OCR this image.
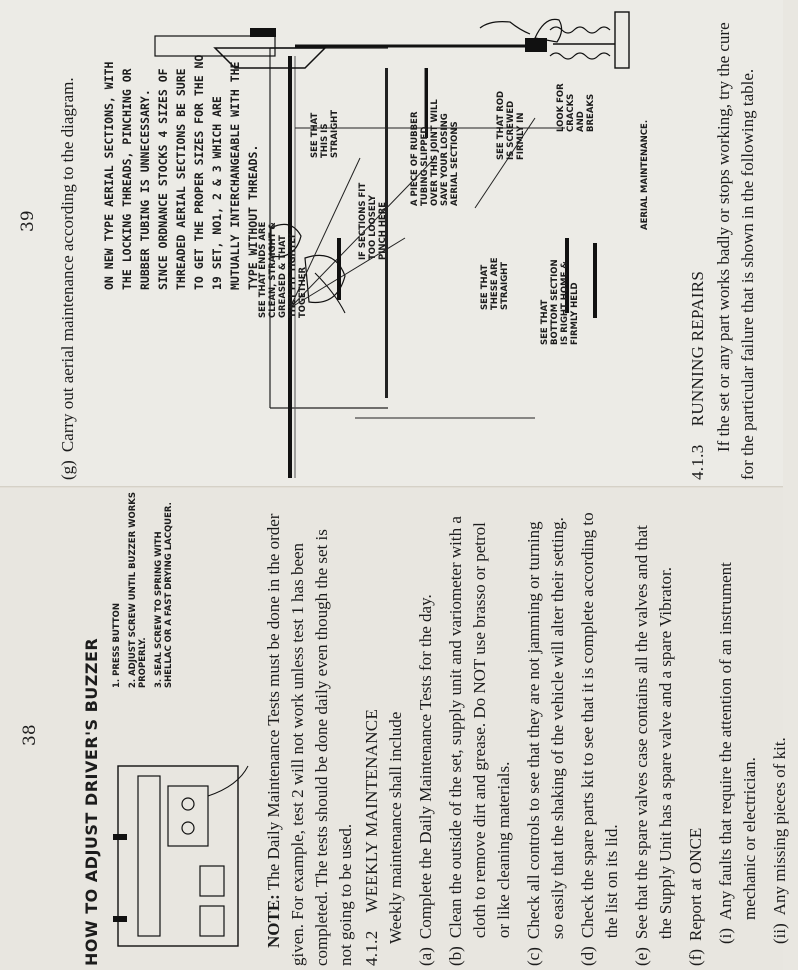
39
(g)
Carry out aerial maintenance according to the diagram. ON NEW TYPE AERIAL SECTIONS, WITH THE LOCKING THREADS, PINCHING OR RUBBER TUBING IS UNNECESSARY. SINCE ORDNANCE STOCKS 4 SIZES OF THREADED AERIAL SECTIONS BE SURE TO GET THE PROPER SIZES FOR THE NO 19 SET, NO1, 2 & 3 WHICH ARE MUTUALLY INTERCHANGEABLE WITH THE TYPE WITHOUT THREADS.

SEE THAT ENDS ARE CLEAN, STRAIGHT & GREASED & THAT THEY FIT TIGHTLY TOGETHER

IF SECTIONS FIT TOO LOOSELY PINCH HERE

SEE THAT THIS IS STRAIGHT	A PIECE OF RUBBER TUBING SLIPPED OVER THIS JOINT WILL SAVE YOUR LOSING AERIAL SECTIONS

SEE THAT THESE ARE STRAIGHT

SEE THAT BOTTOM SECTION IS RIGHT HOME & FIRMLY HELD

SEE THAT ROD IS SCREWED FIRMLY IN

LOOK FOR CRACKS AND BREAKS

AERIAL MAINTENANCE.

4.1.3    RUNNING REPAIRS If the set or any part works badly or stops working, try the cure for the particular failure that is shown in the following table.

38	HOW TO ADJUST DRIVER'S BUZZER 1. PRESS BUTTON 2. ADJUST SCREW UNTIL BUZZER WORKS PROPERLY. 3. SEAL SCREW TO SPRING WITH SHELLAC OR A FAST DRYING LACQUER.

NOTE: The Daily Maintenance Tests must be done in the order given. For example, test 2 will not work unless test 1 has been completed. The tests should be done daily even though the set is not going to be used. 4.1.2    WEEKLY MAINTENANCE Weekly maintenance shall include

(a)
Complete the Daily Maintenance Tests for the day.
(b)
Clean the outside of the set, supply unit and variometer with a cloth to remove dirt and grease. Do NOT use brasso or petrol or like cleaning materials.
(c)
Check all controls to see that they are not jamming or turning so easily that the shaking of the vehicle will alter their setting.
(d)
Check the spare parts kit to see that it is complete according to the list on its lid.
(e)
See that the spare valves case contains all the valves and that the Supply Unit has a spare valve and a spare Vibrator.
(f)
Report at ONCE (i)
Any faults that require the attention of an instrument mechanic or electrician.
(ii)
Any missing pieces of kit.
